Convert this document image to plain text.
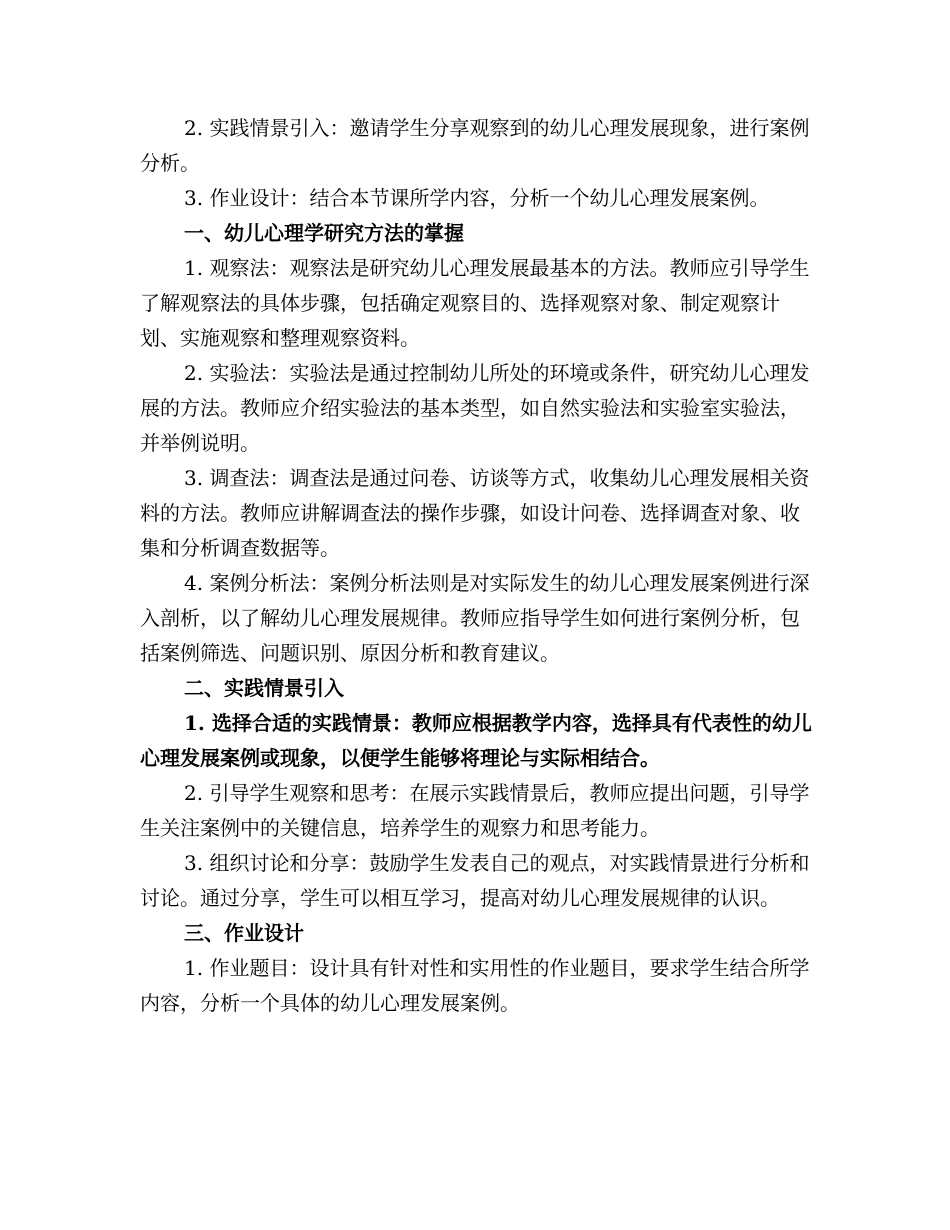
2. 实践情景引入：邀请学生分享观察到的幼儿心理发展现象，进行案例分析。

3. 作业设计：结合本节课所学内容，分析一个幼儿心理发展案例。

一、幼儿心理学研究方法的掌握

1. 观察法：观察法是研究幼儿心理发展最基本的方法。教师应引导学生了解观察法的具体步骤，包括确定观察目的、选择观察对象、制定观察计划、实施观察和整理观察资料。

2. 实验法：实验法是通过控制幼儿所处的环境或条件，研究幼儿心理发展的方法。教师应介绍实验法的基本类型，如自然实验法和实验室实验法，并举例说明。

3. 调查法：调查法是通过问卷、访谈等方式，收集幼儿心理发展相关资料的方法。教师应讲解调查法的操作步骤，如设计问卷、选择调查对象、收集和分析调查数据等。

4. 案例分析法：案例分析法则是对实际发生的幼儿心理发展案例进行深入剖析，以了解幼儿心理发展规律。教师应指导学生如何进行案例分析，包括案例筛选、问题识别、原因分析和教育建议。

二、实践情景引入

1. 选择合适的实践情景：教师应根据教学内容，选择具有代表性的幼儿心理发展案例或现象，以便学生能够将理论与实际相结合。

2. 引导学生观察和思考：在展示实践情景后，教师应提出问题，引导学生关注案例中的关键信息，培养学生的观察力和思考能力。

3. 组织讨论和分享：鼓励学生发表自己的观点，对实践情景进行分析和讨论。通过分享，学生可以相互学习，提高对幼儿心理发展规律的认识。

三、作业设计

1. 作业题目：设计具有针对性和实用性的作业题目，要求学生结合所学内容，分析一个具体的幼儿心理发展案例。
